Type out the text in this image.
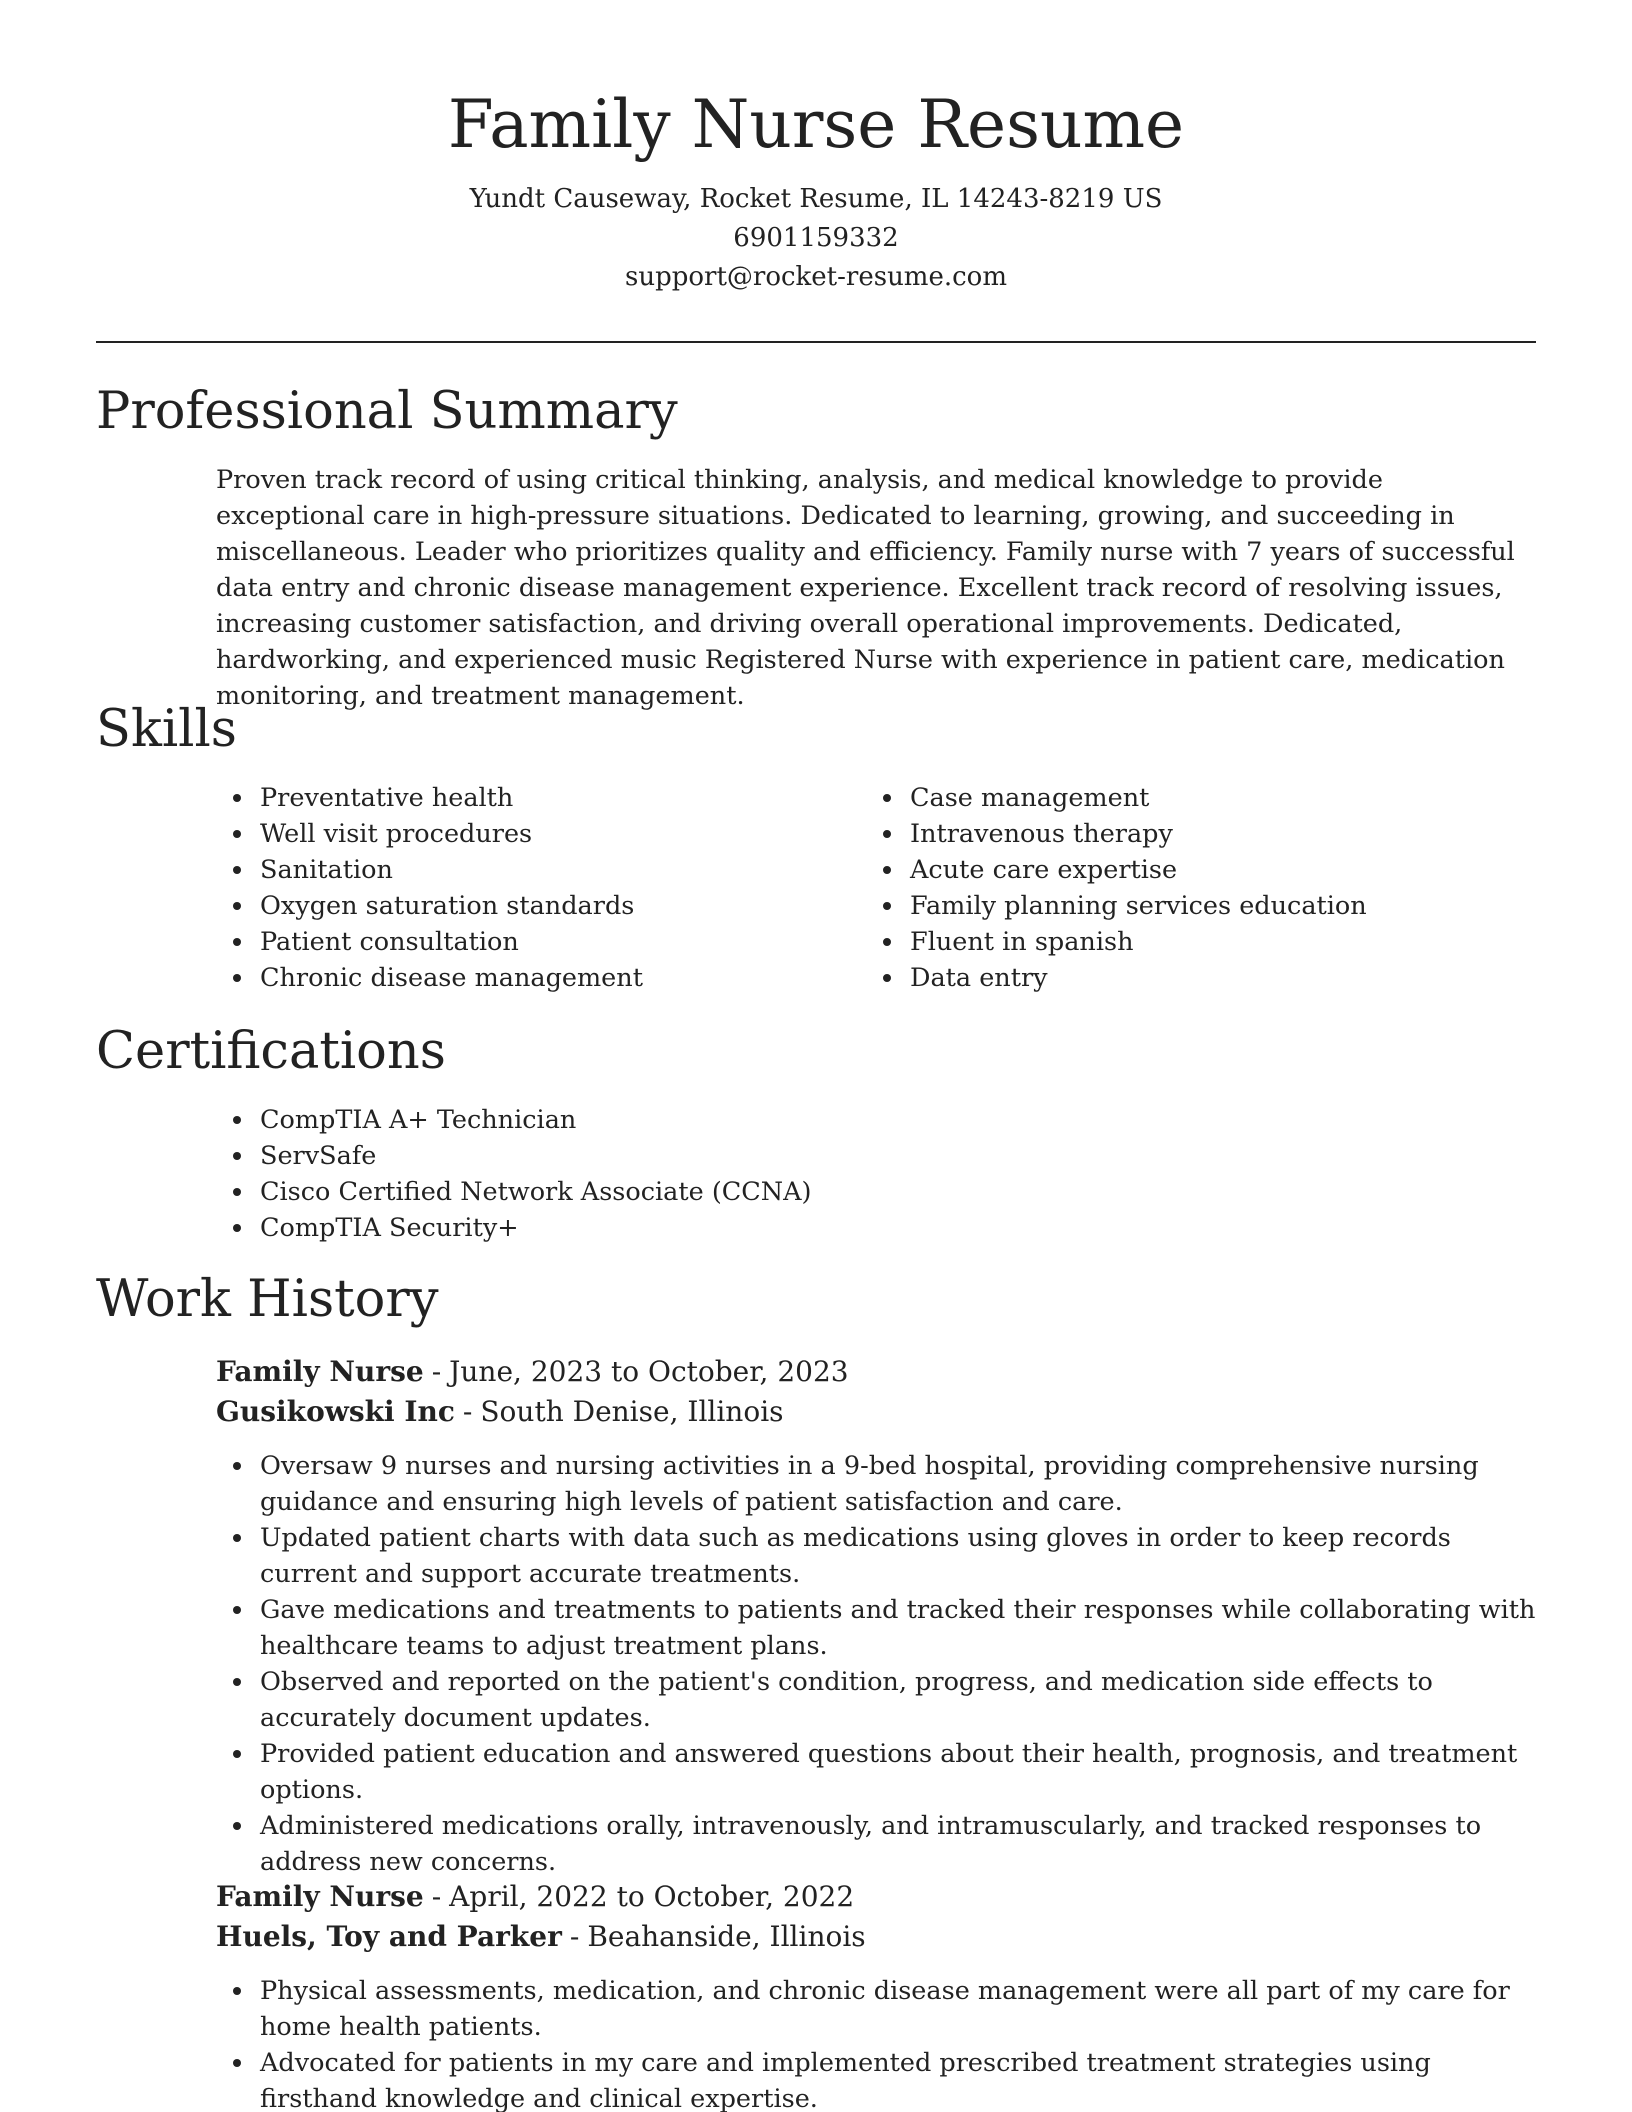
Family Nurse Resume

Yundt Causeway, Rocket Resume, IL 14243-8219 US

6901159332

support@rocket-resume.com

Professional Summary

Proven track record of using critical thinking, analysis, and medical knowledge to provide exceptional care in high-pressure situations. Dedicated to learning, growing, and succeeding in miscellaneous. Leader who prioritizes quality and efficiency. Family nurse with 7 years of successful data entry and chronic disease management experience. Excellent track record of resolving issues, increasing customer satisfaction, and driving overall operational improvements. Dedicated, hardworking, and experienced music Registered Nurse with experience in patient care, medication monitoring, and treatment management.

Skills
Preventative health
Well visit procedures
Sanitation
Oxygen saturation standards
Patient consultation
Chronic disease management
Case management
Intravenous therapy
Acute care expertise
Family planning services education
Fluent in spanish
Data entry
Certifications
CompTIA A+ Technician
ServSafe
Cisco Certified Network Associate (CCNA)
CompTIA Security+
Work History

Family Nurse - June, 2023 to October, 2023

Gusikowski Inc - South Denise, Illinois

Oversaw 9 nurses and nursing activities in a 9-bed hospital, providing comprehensive nursing guidance and ensuring high levels of patient satisfaction and care.
Updated patient charts with data such as medications using gloves in order to keep records current and support accurate treatments.
Gave medications and treatments to patients and tracked their responses while collaborating with healthcare teams to adjust treatment plans.
Observed and reported on the patient's condition, progress, and medication side effects to accurately document updates.
Provided patient education and answered questions about their health, prognosis, and treatment options.
Administered medications orally, intravenously, and intramuscularly, and tracked responses to address new concerns.

Family Nurse - April, 2022 to October, 2022

Huels, Toy and Parker - Beahanside, Illinois

Physical assessments, medication, and chronic disease management were all part of my care for home health patients.
Advocated for patients in my care and implemented prescribed treatment strategies using firsthand knowledge and clinical expertise.
